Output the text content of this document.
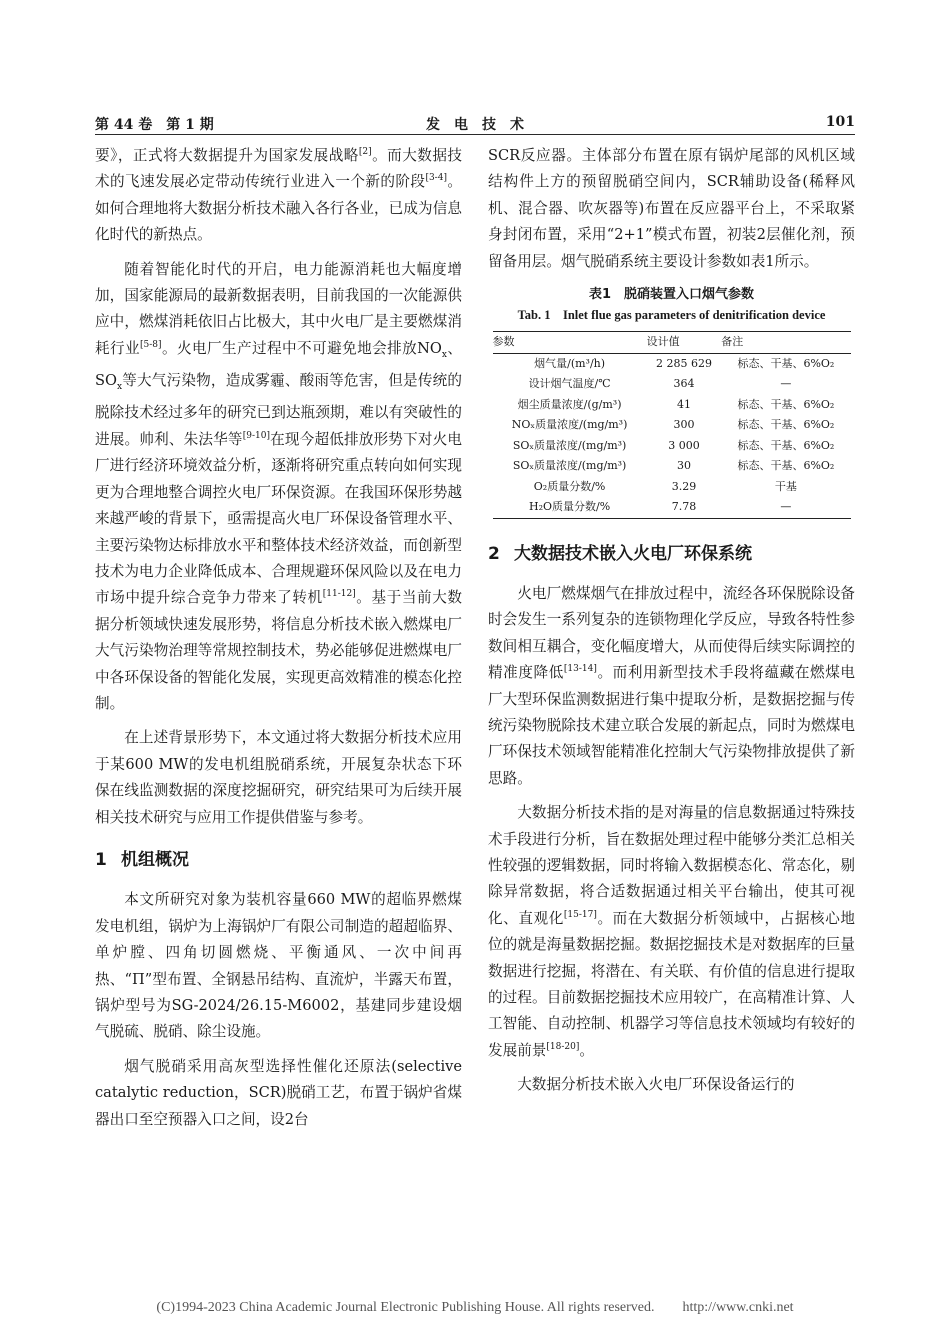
第 44 卷　第 1 期	发电技术	101

要》，正式将大数据提升为国家发展战略[2]。而大数据技术的飞速发展必定带动传统行业进入一个新的阶段[3-4]。如何合理地将大数据分析技术融入各行各业，已成为信息化时代的新热点。

随着智能化时代的开启，电力能源消耗也大幅度增加，国家能源局的最新数据表明，目前我国的一次能源供应中，燃煤消耗依旧占比极大，其中火电厂是主要燃煤消耗行业[5-8]。火电厂生产过程中不可避免地会排放$NO_x$、$SO_x$等大气污染物，造成雾霾、酸雨等危害，但是传统的脱除技术经过多年的研究已到达瓶颈期，难以有突破性的进展。帅利、朱法华等[9-10]在现今超低排放形势下对火电厂进行经济环境效益分析，逐渐将研究重点转向如何实现更为合理地整合调控火电厂环保资源。在我国环保形势越来越严峻的背景下，亟需提高火电厂环保设备管理水平、主要污染物达标排放水平和整体技术经济效益，而创新型技术为电力企业降低成本、合理规避环保风险以及在电力市场中提升综合竞争力带来了转机[11-12]。基于当前大数据分析领域快速发展形势，将信息分析技术嵌入燃煤电厂大气污染物治理等常规控制技术，势必能够促进燃煤电厂中各环保设备的智能化发展，实现更高效精准的模态化控制。

在上述背景形势下，本文通过将大数据分析技术应用于某600 MW的发电机组脱硝系统，开展复杂状态下环保在线监测数据的深度挖掘研究，研究结果可为后续开展相关技术研究与应用工作提供借鉴与参考。

1 机组概况

本文所研究对象为装机容量660 MW的超临界燃煤发电机组，锅炉为上海锅炉厂有限公司制造的超超临界、单炉膛、四角切圆燃烧、平衡通风、一次中间再热、“Π”型布置、全钢悬吊结构、直流炉，半露天布置，锅炉型号为SG-2024/26.15-M6002，基建同步建设烟气脱硫、脱硝、除尘设施。

烟气脱硝采用高灰型选择性催化还原法(selective catalytic reduction，SCR)脱硝工艺，布置于锅炉省煤器出口至空预器入口之间，设2台

SCR反应器。主体部分布置在原有锅炉尾部的风机区域结构件上方的预留脱硝空间内，SCR辅助设备(稀释风机、混合器、吹灰器等)布置在反应器平台上，不采取紧身封闭布置，采用“2+1”模式布置，初装2层催化剂，预留备用层。烟气脱硝系统主要设计参数如表1所示。

表1　脱硝装置入口烟气参数
Tab. 1　Inlet flue gas parameters of denitrification device
参数	设计值	备注
烟气量/(m³/h)	2 285 629	标态、干基、6%O₂
设计烟气温度/℃	364	—
烟尘质量浓度/(g/m³)	41	标态、干基、6%O₂
NOₓ质量浓度/(mg/m³)	300	标态、干基、6%O₂
SOₓ质量浓度/(mg/m³)	3 000	标态、干基、6%O₂
SOₓ质量浓度/(mg/m³)	30	标态、干基、6%O₂
O₂质量分数/%	3.29	干基
H₂O质量分数/%	7.78	—
2 大数据技术嵌入火电厂环保系统

火电厂燃煤烟气在排放过程中，流经各环保脱除设备时会发生一系列复杂的连锁物理化学反应，导致各特性参数间相互耦合，变化幅度增大，从而使得后续实际调控的精准度降低[13-14]。而利用新型技术手段将蕴藏在燃煤电厂大型环保监测数据进行集中提取分析，是数据挖掘与传统污染物脱除技术建立联合发展的新起点，同时为燃煤电厂环保技术领域智能精准化控制大气污染物排放提供了新思路。

大数据分析技术指的是对海量的信息数据通过特殊技术手段进行分析，旨在数据处理过程中能够分类汇总相关性较强的逻辑数据，同时将输入数据模态化、常态化，剔除异常数据，将合适数据通过相关平台输出，使其可视化、直观化[15-17]。而在大数据分析领域中，占据核心地位的就是海量数据挖掘。数据挖掘技术是对数据库的巨量数据进行挖掘，将潜在、有关联、有价值的信息进行提取的过程。目前数据挖掘技术应用较广，在高精准计算、人工智能、自动控制、机器学习等信息技术领域均有较好的发展前景[18-20]。

大数据分析技术嵌入火电厂环保设备运行的

(C)1994-2023 China Academic Journal Electronic Publishing House. All rights reserved.　　http://www.cnki.net
